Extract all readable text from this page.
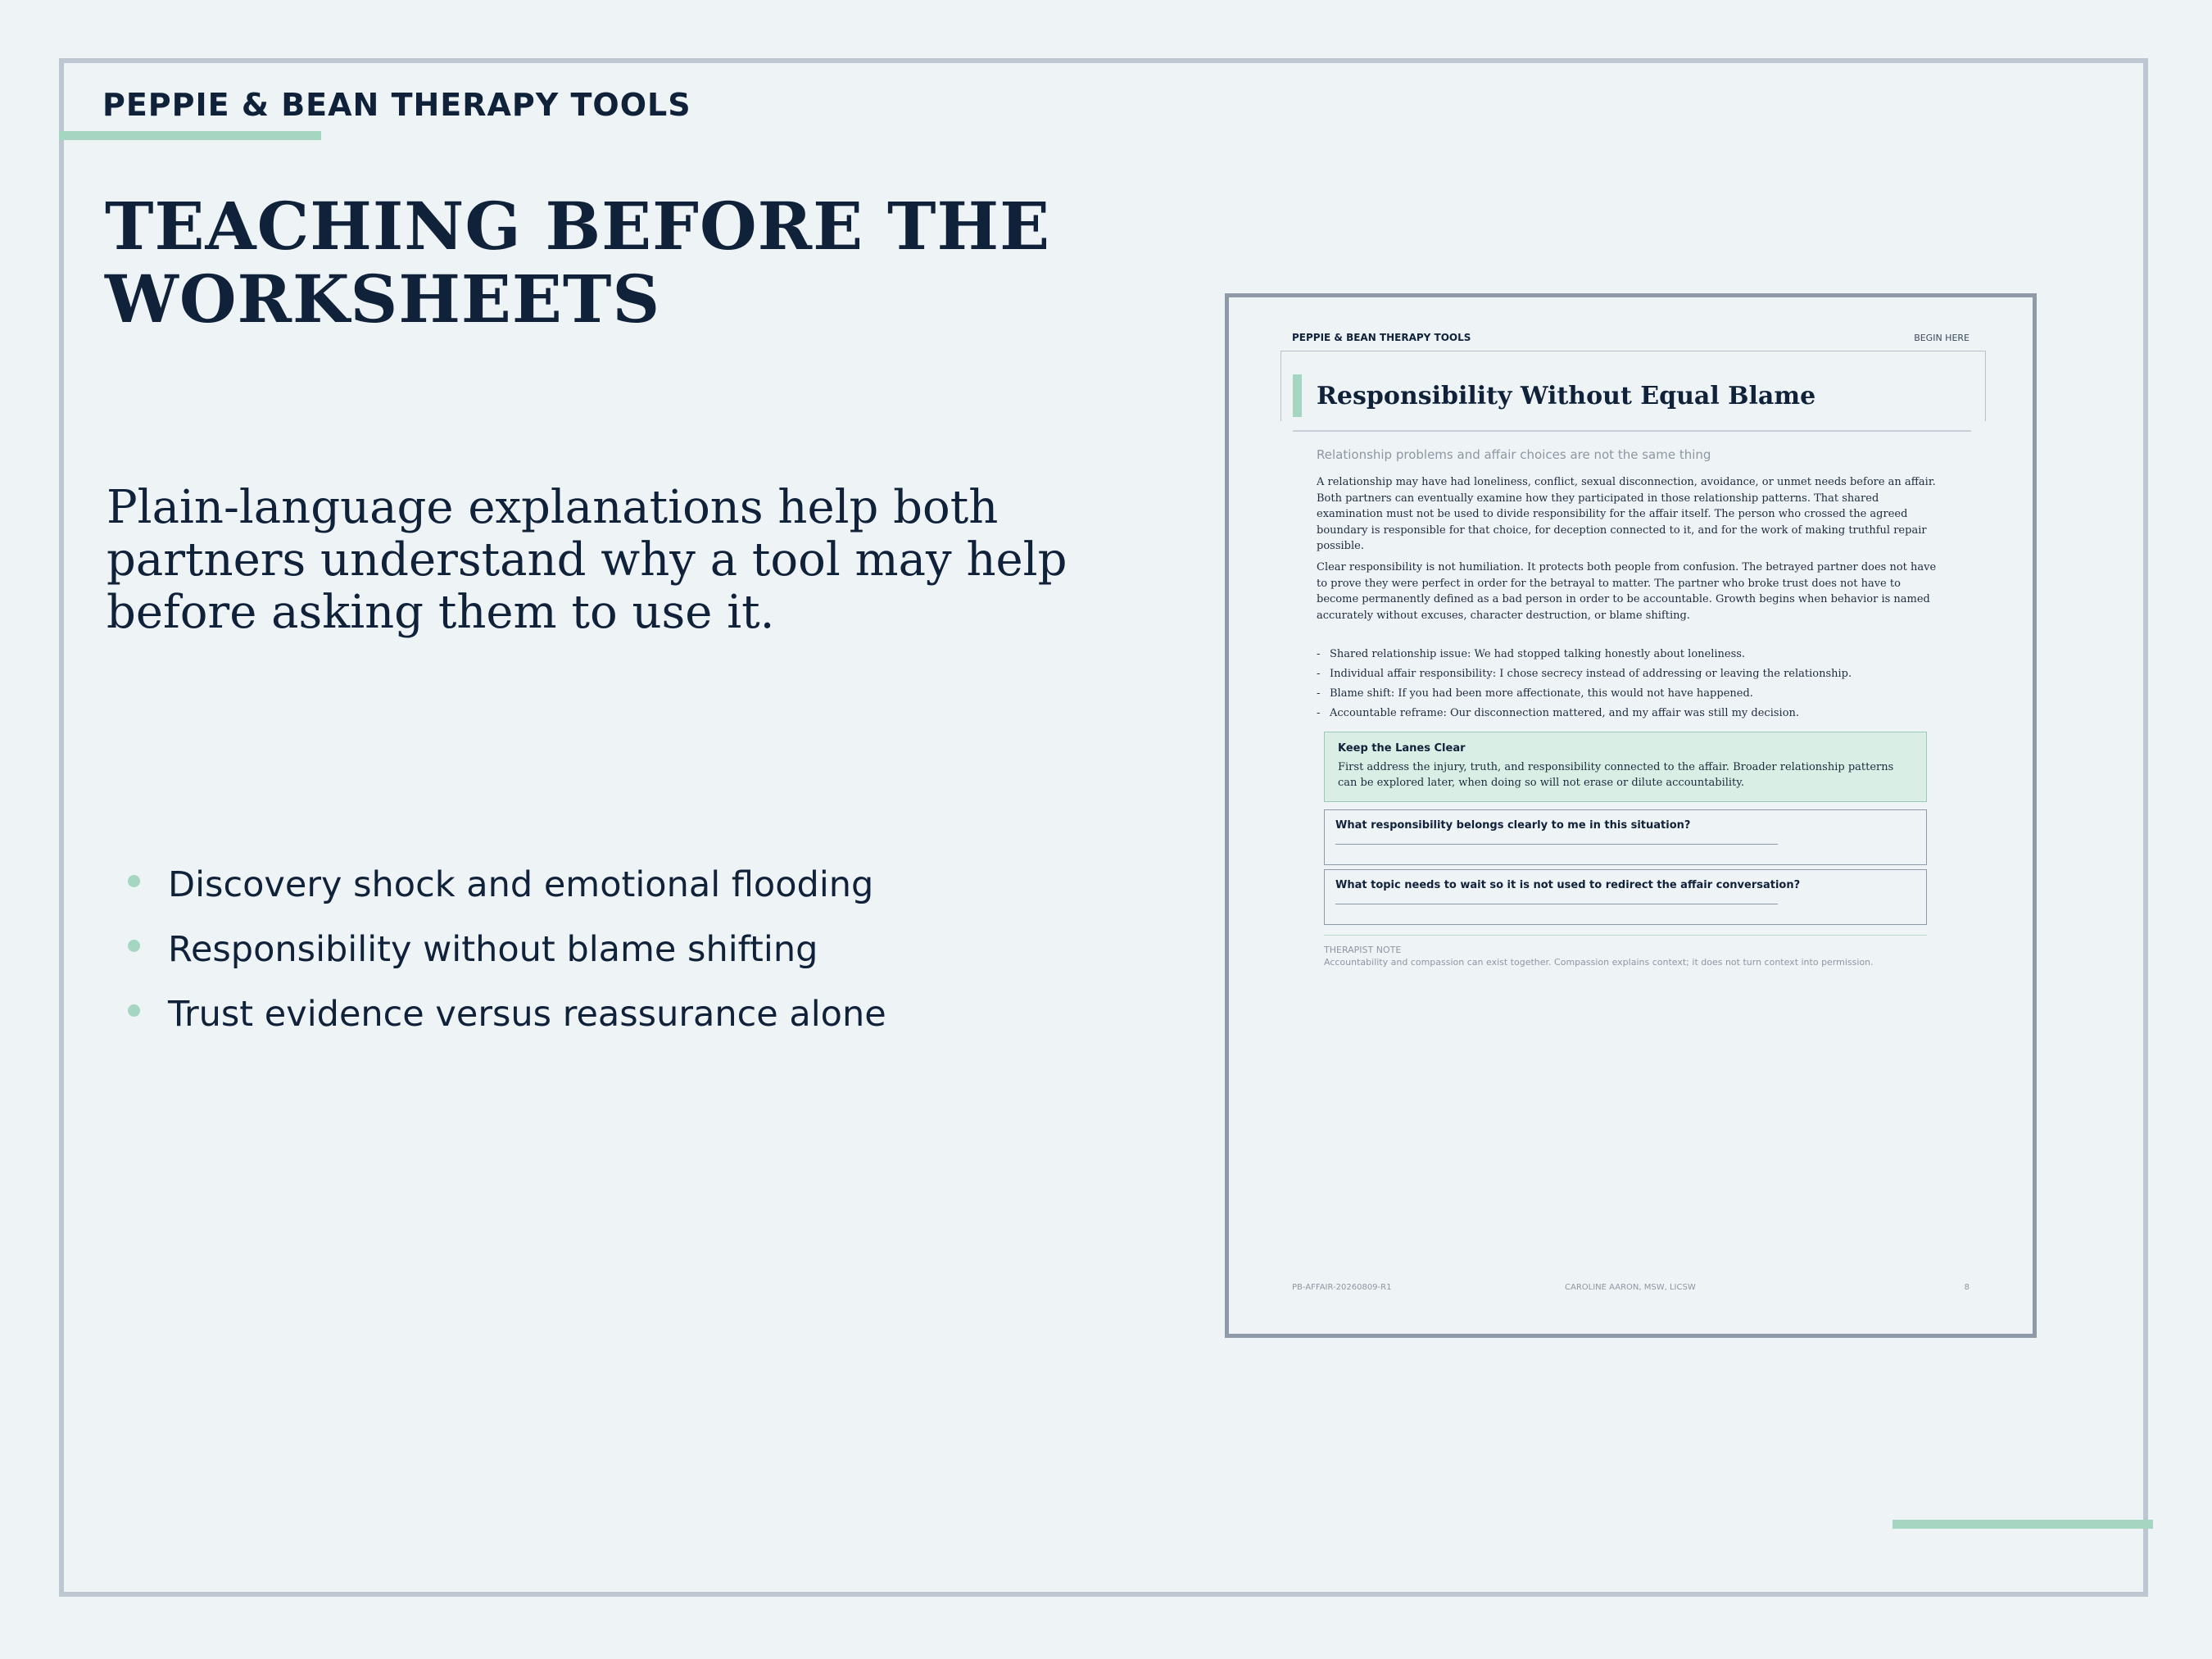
PEPPIE & BEAN THERAPY TOOLS
TEACHING BEFORE THE WORKSHEETS

Plain-language explanations help both partners understand why a tool may help before asking them to use it.

Discovery shock and emotional flooding
Responsibility without blame shifting
Trust evidence versus reassurance alone
PEPPIE & BEAN THERAPY TOOLS	BEGIN HERE
Responsibility Without Equal Blame
Relationship problems and affair choices are not the same thing

A relationship may have had loneliness, conflict, sexual disconnection, avoidance, or unmet needs before an affair. Both partners can eventually examine how they participated in those relationship patterns. That shared examination must not be used to divide responsibility for the affair itself. The person who crossed the agreed boundary is responsible for that choice, for deception connected to it, and for the work of making truthful repair possible.

Clear responsibility is not humiliation. It protects both people from confusion. The betrayed partner does not have to prove they were perfect in order for the betrayal to matter. The partner who broke trust does not have to become permanently defined as a bad person in order to be accountable. Growth begins when behavior is named accurately without excuses, character destruction, or blame shifting.

- Shared relationship issue: We had stopped talking honestly about loneliness.
- Individual affair responsibility: I chose secrecy instead of addressing or leaving the relationship.
- Blame shift: If you had been more affectionate, this would not have happened.
- Accountable reframe: Our disconnection mattered, and my affair was still my decision.

Keep the Lanes Clear

First address the injury, truth, and responsibility connected to the affair. Broader relationship patterns can be explored later, when doing so will not erase or dilute accountability.

What responsibility belongs clearly to me in this situation?

What topic needs to wait so it is not used to redirect the affair conversation?

THERAPIST NOTE
Accountability and compassion can exist together. Compassion explains context; it does not turn context into permission.
PB-AFFAIR-20260809-R1	CAROLINE AARON, MSW, LICSW	8
